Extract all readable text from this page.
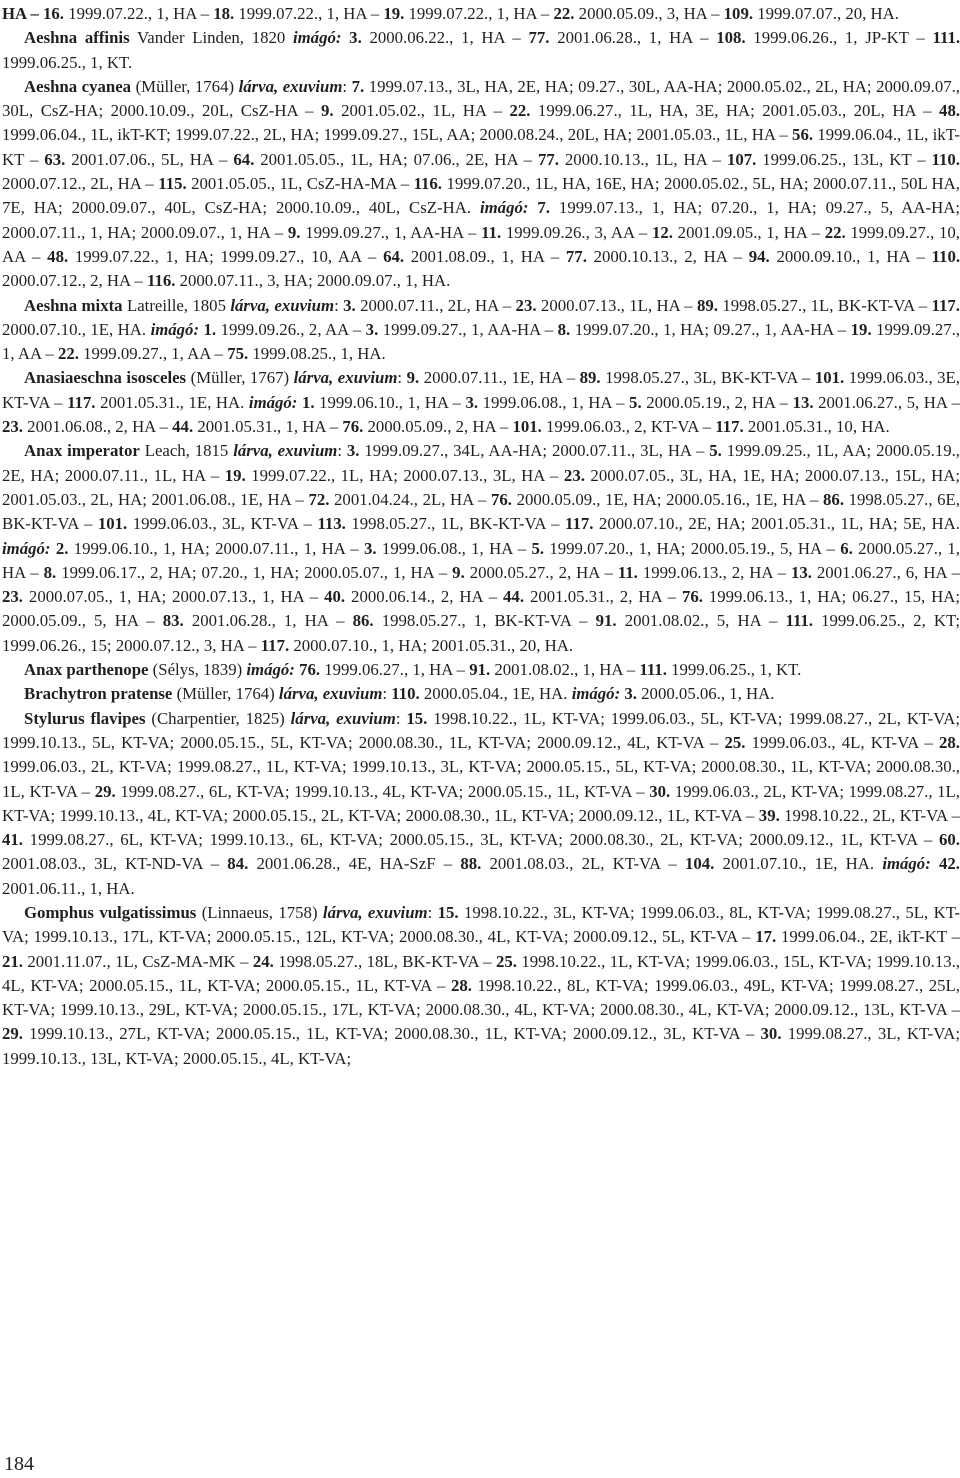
HA – 16. 1999.07.22., 1, HA – 18. 1999.07.22., 1, HA – 19. 1999.07.22., 1, HA – 22. 2000.05.09., 3, HA – 109. 1999.07.07., 20, HA.

Aeshna affinis Vander Linden, 1820 imágó: 3. 2000.06.22., 1, HA – 77. 2001.06.28., 1, HA – 108. 1999.06.26., 1, JP-KT – 111. 1999.06.25., 1, KT.

Aeshna cyanea (Müller, 1764) lárva, exuvium: 7. 1999.07.13., 3L, HA, 2E, HA; 09.27., 30L, AA-HA; 2000.05.02., 2L, HA; 2000.09.07., 30L, CsZ-HA; 2000.10.09., 20L, CsZ-HA – 9. 2001.05.02., 1L, HA – 22. 1999.06.27., 1L, HA, 3E, HA; 2001.05.03., 20L, HA – 48. 1999.06.04., 1L, ikT-KT; 1999.07.22., 2L, HA; 1999.09.27., 15L, AA; 2000.08.24., 20L, HA; 2001.05.03., 1L, HA – 56. 1999.06.04., 1L, ikT-KT – 63. 2001.07.06., 5L, HA – 64. 2001.05.05., 1L, HA; 07.06., 2E, HA – 77. 2000.10.13., 1L, HA – 107. 1999.06.25., 13L, KT – 110. 2000.07.12., 2L, HA – 115. 2001.05.05., 1L, CsZ-HA-MA – 116. 1999.07.20., 1L, HA, 16E, HA; 2000.05.02., 5L, HA; 2000.07.11., 50L HA, 7E, HA; 2000.09.07., 40L, CsZ-HA; 2000.10.09., 40L, CsZ-HA. imágó: 7. 1999.07.13., 1, HA; 07.20., 1, HA; 09.27., 5, AA-HA; 2000.07.11., 1, HA; 2000.09.07., 1, HA – 9. 1999.09.27., 1, AA-HA – 11. 1999.09.26., 3, AA – 12. 2001.09.05., 1, HA – 22. 1999.09.27., 10, AA – 48. 1999.07.22., 1, HA; 1999.09.27., 10, AA – 64. 2001.08.09., 1, HA – 77. 2000.10.13., 2, HA – 94. 2000.09.10., 1, HA – 110. 2000.07.12., 2, HA – 116. 2000.07.11., 3, HA; 2000.09.07., 1, HA.

Aeshna mixta Latreille, 1805 lárva, exuvium: 3. 2000.07.11., 2L, HA – 23. 2000.07.13., 1L, HA – 89. 1998.05.27., 1L, BK-KT-VA – 117. 2000.07.10., 1E, HA. imágó: 1. 1999.09.26., 2, AA – 3. 1999.09.27., 1, AA-HA – 8. 1999.07.20., 1, HA; 09.27., 1, AA-HA – 19. 1999.09.27., 1, AA – 22. 1999.09.27., 1, AA – 75. 1999.08.25., 1, HA.

Anasiaeschna isosceles (Müller, 1767) lárva, exuvium: 9. 2000.07.11., 1E, HA – 89. 1998.05.27., 3L, BK-KT-VA – 101. 1999.06.03., 3E, KT-VA – 117. 2001.05.31., 1E, HA. imágó: 1. 1999.06.10., 1, HA – 3. 1999.06.08., 1, HA – 5. 2000.05.19., 2, HA – 13. 2001.06.27., 5, HA – 23. 2001.06.08., 2, HA – 44. 2001.05.31., 1, HA – 76. 2000.05.09., 2, HA – 101. 1999.06.03., 2, KT-VA – 117. 2001.05.31., 10, HA.

Anax imperator Leach, 1815 lárva, exuvium: 3. 1999.09.27., 34L, AA-HA; 2000.07.11., 3L, HA – 5. 1999.09.25., 1L, AA; 2000.05.19., 2E, HA; 2000.07.11., 1L, HA – 19. 1999.07.22., 1L, HA; 2000.07.13., 3L, HA – 23. 2000.07.05., 3L, HA, 1E, HA; 2000.07.13., 15L, HA; 2001.05.03., 2L, HA; 2001.06.08., 1E, HA – 72. 2001.04.24., 2L, HA – 76. 2000.05.09., 1E, HA; 2000.05.16., 1E, HA – 86. 1998.05.27., 6E, BK-KT-VA – 101. 1999.06.03., 3L, KT-VA – 113. 1998.05.27., 1L, BK-KT-VA – 117. 2000.07.10., 2E, HA; 2001.05.31., 1L, HA; 5E, HA. imágó: 2. 1999.06.10., 1, HA; 2000.07.11., 1, HA – 3. 1999.06.08., 1, HA – 5. 1999.07.20., 1, HA; 2000.05.19., 5, HA – 6. 2000.05.27., 1, HA – 8. 1999.06.17., 2, HA; 07.20., 1, HA; 2000.05.07., 1, HA – 9. 2000.05.27., 2, HA – 11. 1999.06.13., 2, HA – 13. 2001.06.27., 6, HA – 23. 2000.07.05., 1, HA; 2000.07.13., 1, HA – 40. 2000.06.14., 2, HA – 44. 2001.05.31., 2, HA – 76. 1999.06.13., 1, HA; 06.27., 15, HA; 2000.05.09., 5, HA – 83. 2001.06.28., 1, HA – 86. 1998.05.27., 1, BK-KT-VA – 91. 2001.08.02., 5, HA – 111. 1999.06.25., 2, KT; 1999.06.26., 15; 2000.07.12., 3, HA – 117. 2000.07.10., 1, HA; 2001.05.31., 20, HA.

Anax parthenope (Sélys, 1839) imágó: 76. 1999.06.27., 1, HA – 91. 2001.08.02., 1, HA – 111. 1999.06.25., 1, KT.

Brachytron pratense (Müller, 1764) lárva, exuvium: 110. 2000.05.04., 1E, HA. imágó: 3. 2000.05.06., 1, HA.

Stylurus flavipes (Charpentier, 1825) lárva, exuvium: 15. 1998.10.22., 1L, KT-VA; 1999.06.03., 5L, KT-VA; 1999.08.27., 2L, KT-VA; 1999.10.13., 5L, KT-VA; 2000.05.15., 5L, KT-VA; 2000.08.30., 1L, KT-VA; 2000.09.12., 4L, KT-VA – 25. 1999.06.03., 4L, KT-VA – 28. 1999.06.03., 2L, KT-VA; 1999.08.27., 1L, KT-VA; 1999.10.13., 3L, KT-VA; 2000.05.15., 5L, KT-VA; 2000.08.30., 1L, KT-VA; 2000.08.30., 1L, KT-VA – 29. 1999.08.27., 6L, KT-VA; 1999.10.13., 4L, KT-VA; 2000.05.15., 1L, KT-VA – 30. 1999.06.03., 2L, KT-VA; 1999.08.27., 1L, KT-VA; 1999.10.13., 4L, KT-VA; 2000.05.15., 2L, KT-VA; 2000.08.30., 1L, KT-VA; 2000.09.12., 1L, KT-VA – 39. 1998.10.22., 2L, KT-VA – 41. 1999.08.27., 6L, KT-VA; 1999.10.13., 6L, KT-VA; 2000.05.15., 3L, KT-VA; 2000.08.30., 2L, KT-VA; 2000.09.12., 1L, KT-VA – 60. 2001.08.03., 3L, KT-ND-VA – 84. 2001.06.28., 4E, HA-SzF – 88. 2001.08.03., 2L, KT-VA – 104. 2001.07.10., 1E, HA. imágó: 42. 2001.06.11., 1, HA.

Gomphus vulgatissimus (Linnaeus, 1758) lárva, exuvium: 15. 1998.10.22., 3L, KT-VA; 1999.06.03., 8L, KT-VA; 1999.08.27., 5L, KT-VA; 1999.10.13., 17L, KT-VA; 2000.05.15., 12L, KT-VA; 2000.08.30., 4L, KT-VA; 2000.09.12., 5L, KT-VA – 17. 1999.06.04., 2E, ikT-KT – 21. 2001.11.07., 1L, CsZ-MA-MK – 24. 1998.05.27., 18L, BK-KT-VA – 25. 1998.10.22., 1L, KT-VA; 1999.06.03., 15L, KT-VA; 1999.10.13., 4L, KT-VA; 2000.05.15., 1L, KT-VA; 2000.05.15., 1L, KT-VA – 28. 1998.10.22., 8L, KT-VA; 1999.06.03., 49L, KT-VA; 1999.08.27., 25L, KT-VA; 1999.10.13., 29L, KT-VA; 2000.05.15., 17L, KT-VA; 2000.08.30., 4L, KT-VA; 2000.08.30., 4L, KT-VA; 2000.09.12., 13L, KT-VA – 29. 1999.10.13., 27L, KT-VA; 2000.05.15., 1L, KT-VA; 2000.08.30., 1L, KT-VA; 2000.09.12., 3L, KT-VA – 30. 1999.08.27., 3L, KT-VA; 1999.10.13., 13L, KT-VA; 2000.05.15., 4L, KT-VA;

184
